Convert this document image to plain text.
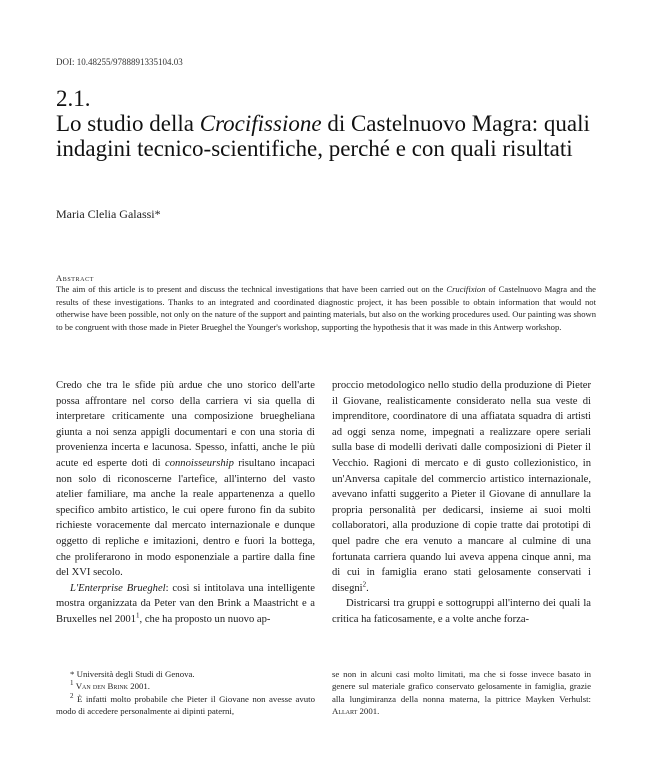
DOI: 10.48255/9788891335104.03
2.1.
Lo studio della Crocifissione di Castelnuovo Magra: quali indagini tecnico-scientifiche, perché e con quali risultati
Maria Clelia Galassi*
Abstract
The aim of this article is to present and discuss the technical investigations that have been carried out on the Crucifixion of Castelnuovo Magra and the results of these investigations. Thanks to an integrated and coordinated diagnostic project, it has been possible to obtain information that would not otherwise have been possible, not only on the nature of the support and painting materials, but also on the working procedures used. Our painting was shown to be congruent with those made in Pieter Brueghel the Younger's workshop, supporting the hypothesis that it was made in this Antwerp workshop.

Credo che tra le sfide più ardue che uno storico dell'arte possa affrontare nel corso della carriera vi sia quella di interpretare criticamente una composizione bruegheliana giunta a noi senza appigli documentari e con una storia di provenienza incerta e lacunosa. Spesso, infatti, anche le più acute ed esperte doti di connoisseurship risultano incapaci non solo di riconoscerne l'artefice, all'interno del vasto atelier familiare, ma anche la reale appartenenza a quello specifico ambito artistico, le cui opere furono fin da subito richieste voracemente dal mercato internazionale e dunque oggetto di repliche e imitazioni, dentro e fuori la bottega, che proliferarono in modo esponenziale a partire dalla fine del XVI secolo.

L'Enterprise Brueghel: così si intitolava una intelligente mostra organizzata da Peter van den Brink a Maastricht e a Bruxelles nel 2001$^1$, che ha proposto un nuovo ap-

proccio metodologico nello studio della produzione di Pieter il Giovane, realisticamente considerato nella sua veste di imprenditore, coordinatore di una affiatata squadra di artisti ad oggi senza nome, impegnati a realizzare opere seriali sulla base di modelli derivati dalle composizioni di Pieter il Vecchio. Ragioni di mercato e di gusto collezionistico, in un'Anversa capitale del commercio artistico internazionale, avevano infatti suggerito a Pieter il Giovane di annullare la propria personalità per dedicarsi, insieme ai suoi molti collaboratori, alla produzione di copie tratte dai prototipi di quel padre che era venuto a mancare al culmine di una fortunata carriera quando lui aveva appena cinque anni, ma di cui in famiglia erano stati gelosamente conservati i disegni$^2$.

Districarsi tra gruppi e sottogruppi all'interno dei quali la critica ha faticosamente, e a volte anche forza-

* Università degli Studi di Genova.

$^1$ Van den Brink 2001.

$^2$ È infatti molto probabile che Pieter il Giovane non avesse avuto modo di accedere personalmente ai dipinti paterni,

se non in alcuni casi molto limitati, ma che si fosse invece basato in genere sul materiale grafico conservato gelosamente in famiglia, grazie alla lungimiranza della nonna materna, la pittrice Mayken Verhulst: Allart 2001.
